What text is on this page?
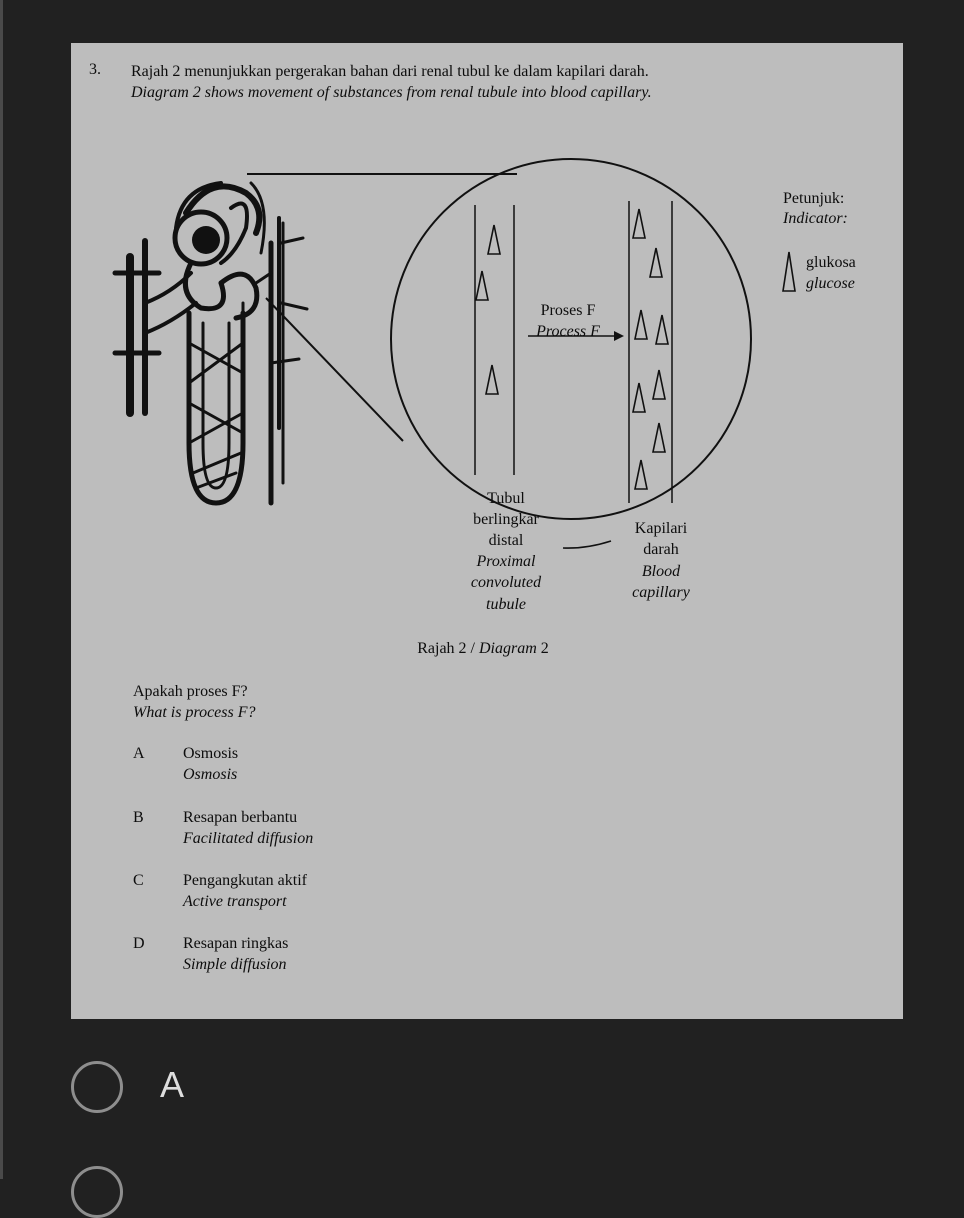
3. Rajah 2 menunjukkan pergerakan bahan dari renal tubul ke dalam kapilari darah.
Diagram 2 shows movement of substances from renal tubule into blood capillary.
Proses F
Process F
Petunjuk:
Indicator:
glukosa
glucose
Tubul
berlingkar
distal
Proximal
convoluted
tubule
Kapilari
darah
Blood
capillary
Rajah 2 / Diagram 2
Apakah proses F?
What is process F?
A	Osmosis
Osmosis
B	Resapan berbantu
Facilitated diffusion
C	Pengangkutan aktif
Active transport
D	Resapan ringkas
Simple diffusion
A
